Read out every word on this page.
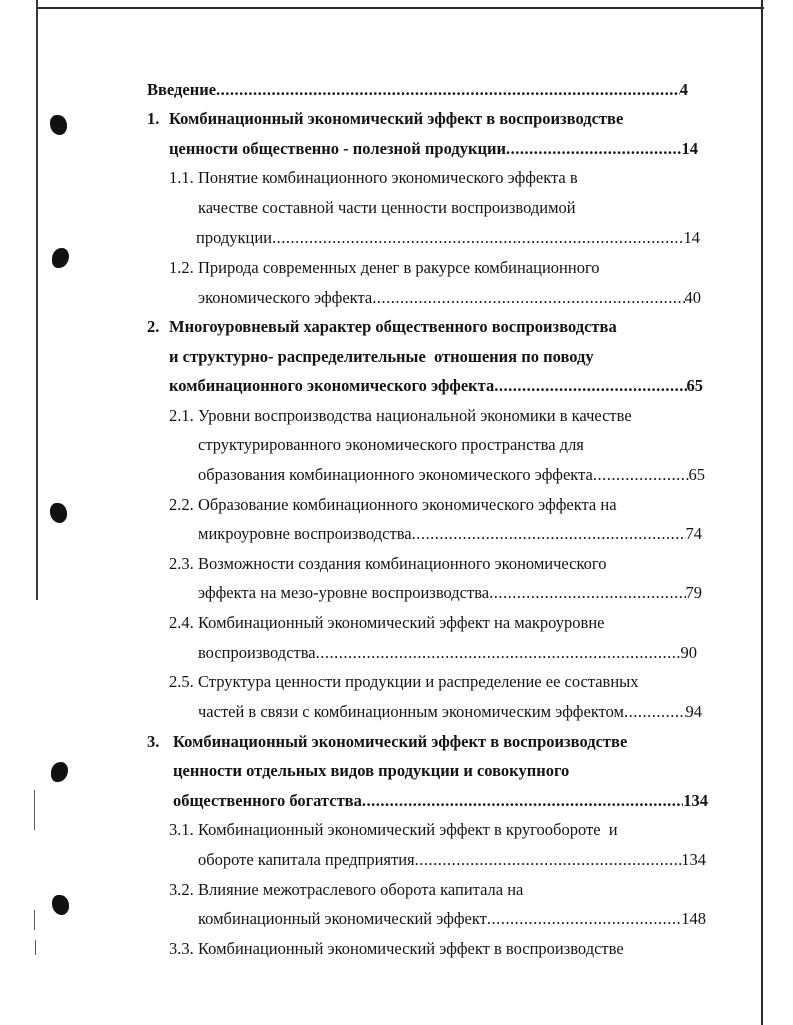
Введение .....	4
1. Комбинационный экономический эффект в воспроизводстве
ценности общественно - полезной продукции .....	14
1.1. Понятие комбинационного экономического эффекта в
качестве составной части ценности воспроизводимой
продукции .....	14
1.2. Природа современных денег в ракурсе комбинационного
экономического эффекта .....	40
2. Многоуровневый характер общественного воспроизводства
и структурно- распределительные  отношения по поводу
комбинационного экономического эффекта .....	65
2.1. Уровни воспроизводства национальной экономики в качестве
структурированного экономического пространства для
образования комбинационного экономического эффекта .....	65
2.2. Образование комбинационного экономического эффекта на
микроуровне воспроизводства .....	74
2.3. Возможности создания комбинационного экономического
эффекта на мезо-уровне воспроизводства .....	79
2.4. Комбинационный экономический эффект на макроуровне
воспроизводства .....	90
2.5. Структура ценности продукции и распределение ее составных
частей в связи с комбинационным экономическим эффектом .....	94
3. Комбинационный экономический эффект в воспроизводстве
ценности отдельных видов продукции и совокупного
общественного богатства .....	134
3.1. Комбинационный экономический эффект в кругообороте  и
обороте капитала предприятия .....	134
3.2. Влияние межотраслевого оборота капитала на
комбинационный экономический эффект .....	148
3.3. Комбинационный экономический эффект в воспроизводстве
